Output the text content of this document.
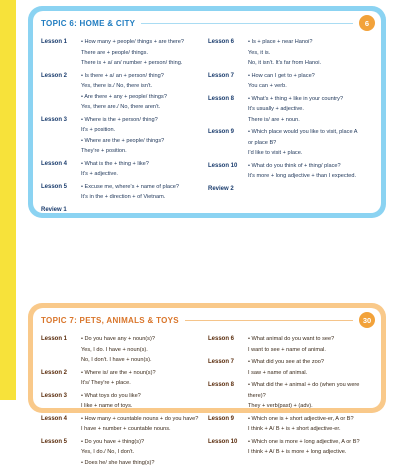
TOPIC 6: HOME & CITY	6
Lesson 1	• How many + people/ things + are there?
There are + people/ things.
There is + a/ an/ number + person/ thing.
Lesson 2	• Is there + a/ an + person/ thing?
Yes, there is./ No, there isn't.
• Are there + any + people/ things?
Yes, there are./ No, there aren't.
Lesson 3	• Where is the + person/ thing?
It's + position.
• Where are the + people/ things?
They're + position.
Lesson 4	• What is the + thing + like?
It's + adjective.
Lesson 5	• Excuse me, where's + name of place?
It's in the + direction + of Vietnam.
Review 1

Lesson 6	• Is + place + near Hanoi?
Yes, it is.
No, it isn't. It's far from Hanoi.
Lesson 7	• How can I get to + place?
You can + verb.
Lesson 8	• What's + thing + like in your country?
It's usually + adjective.
There is/ are + noun.
Lesson 9	• Which place would you like to visit, place A
or place B?
I'd like to visit + place.
Lesson 10	• What do you think of + thing/ place?
It's more + long adjective + than I expected.
Review 2

TOPIC 7: PETS, ANIMALS & TOYS	30
Lesson 1	• Do you have any + noun(s)?
Yes, I do. I have + noun(s).
No, I don't. I have + noun(s).
Lesson 2	• Where is/ are the + noun(s)?
It's/ They're + place.
Lesson 3	• What toys do you like?
I like + name of toys.
Lesson 4	• How many + countable nouns + do you have?
I have + number + countable nouns.
Lesson 5	• Do you have + thing(s)?
Yes, I do./ No, I don't.
• Does he/ she have thing(s)?
Lesson 6	• What animal do you want to see?
I want to see + name of animal.
Lesson 7	• What did you see at the zoo?
I saw + name of animal.
Lesson 8	• What did the + animal + do (when you were
there)?
They + verb(past) + (adv).
Lesson 9	• Which one is + short adjective-er, A or B?
I think + A/ B + is + short adjective-er.
Lesson 10	• Which one is more + long adjective, A or B?
I think + A/ B + is more + long adjective.
